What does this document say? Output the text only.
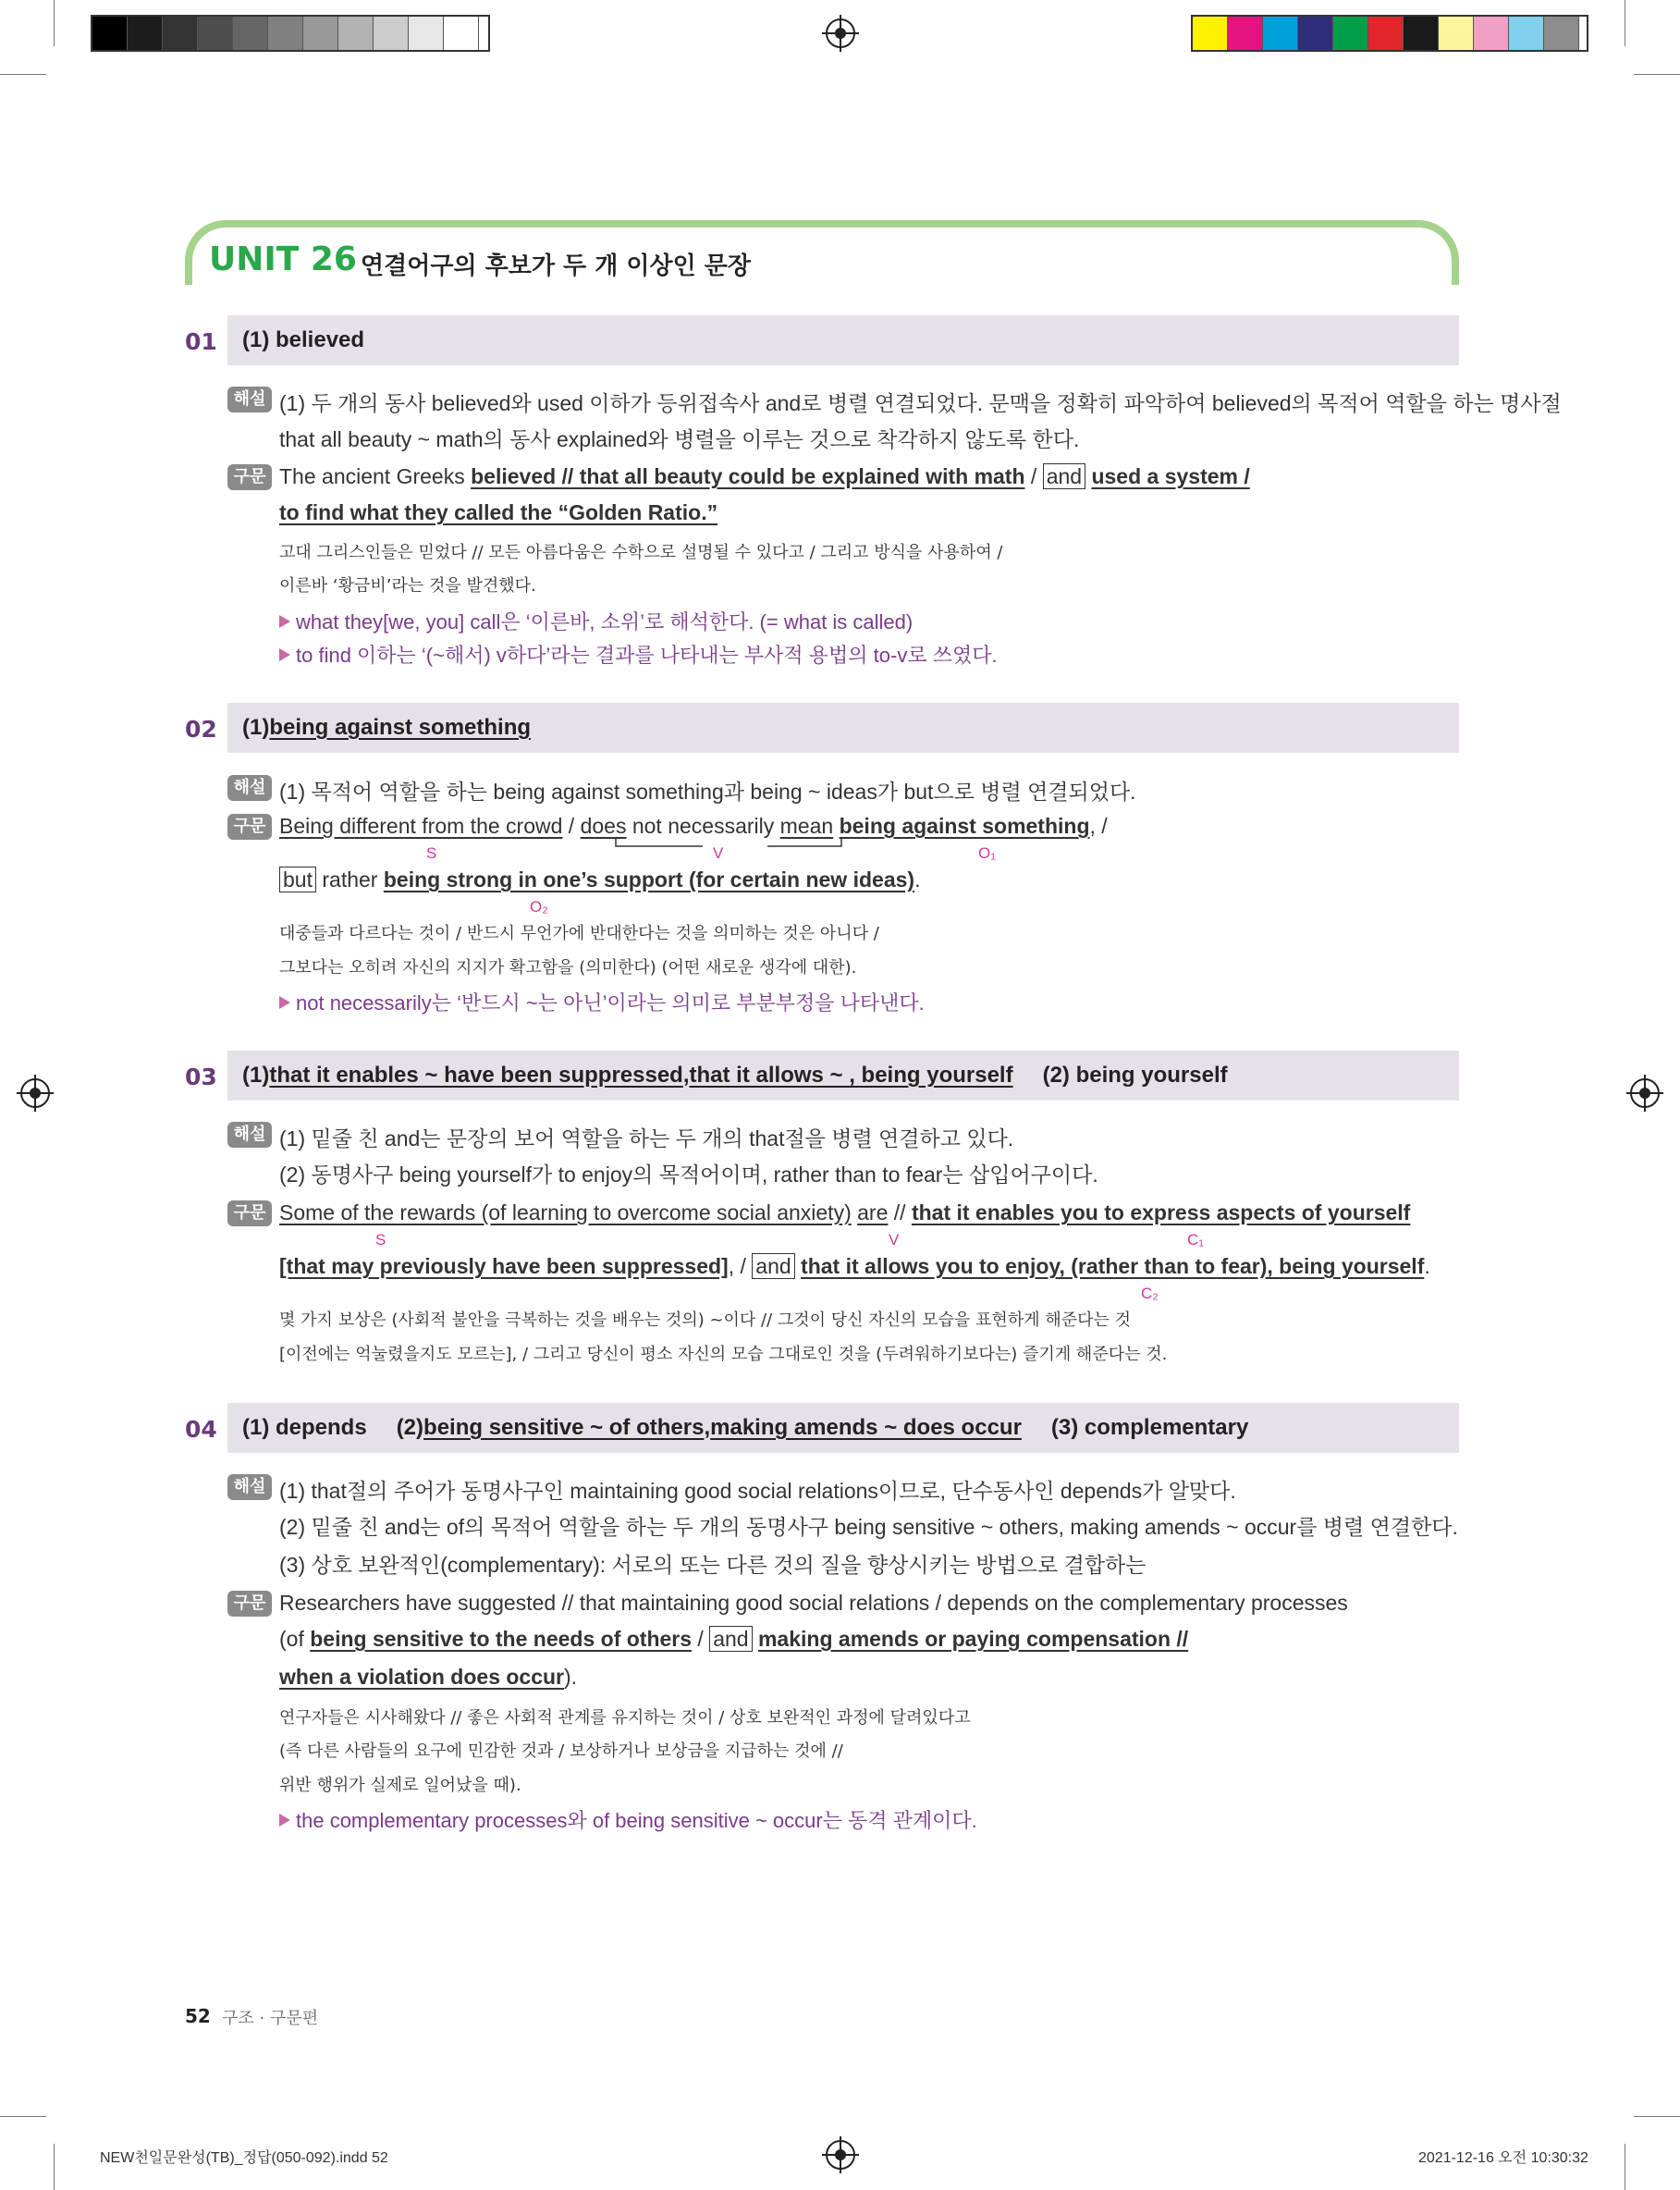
UNIT 26 연결어구의 후보가 두 개 이상인 문장
01 (1) believed
해설 (1) 두 개의 동사 believed와 used 이하가 등위접속사 and로 병렬 연결되었다. 문맥을 정확히 파악하여 believed의 목적어 역할을 하는 명사절
that all beauty ~ math의 동사 explained와 병렬을 이루는 것으로 착각하지 않도록 한다.
구문 The ancient Greeks believed // that all beauty could be explained with math / and used a system /
to find what they called the “Golden Ratio.”
고대 그리스인들은 믿었다 // 모든 아름다움은 수학으로 설명될 수 있다고 / 그리고 방식을 사용하여 /
이른바 ‘황금비’라는 것을 발견했다.
what they[we, you] call은 ‘이른바, 소위’로 해석한다. (= what is called)
to find 이하는 ‘(~해서) v하다’라는 결과를 나타내는 부사적 용법의 to-v로 쓰였다.
02 (1) being against something
해설 (1) 목적어 역할을 하는 being against something과 being ~ ideas가 but으로 병렬 연결되었다.
구문 Being different from the crowd / does not necessarily mean being against something, /
S	V	O₁
but rather being strong in one’s support (for certain new ideas).
O₂
대중들과 다르다는 것이 / 반드시 무언가에 반대한다는 것을 의미하는 것은 아니다 /
그보다는 오히려 자신의 지지가 확고함을 (의미한다) (어떤 새로운 생각에 대한).
not necessarily는 ‘반드시 ~는 아닌’이라는 의미로 부분부정을 나타낸다.
03 (1) that it enables ~ have been suppressed , that it allows ~ , being yourself (2) being yourself
해설 (1) 밑줄 친 and는 문장의 보어 역할을 하는 두 개의 that절을 병렬 연결하고 있다.
(2) 동명사구 being yourself가 to enjoy의 목적어이며, rather than to fear는 삽입어구이다.
구문 Some of the rewards (of learning to overcome social anxiety) are // that it enables you to express aspects of yourself
S	V	C₁
[that may previously have been suppressed], / and that it allows you to enjoy, (rather than to fear), being yourself.
C₂
몇 가지 보상은 (사회적 불안을 극복하는 것을 배우는 것의) ~이다 // 그것이 당신 자신의 모습을 표현하게 해준다는 것
[이전에는 억눌렸을지도 모르는], / 그리고 당신이 평소 자신의 모습 그대로인 것을 (두려워하기보다는) 즐기게 해준다는 것.
04 (1) depends (2) being sensitive ~ of others , making amends ~ does occur (3) complementary
해설 (1) that절의 주어가 동명사구인 maintaining good social relations이므로, 단수동사인 depends가 알맞다.
(2) 밑줄 친 and는 of의 목적어 역할을 하는 두 개의 동명사구 being sensitive ~ others, making amends ~ occur를 병렬 연결한다.
(3) 상호 보완적인(complementary): 서로의 또는 다른 것의 질을 향상시키는 방법으로 결합하는
구문 Researchers have suggested // that maintaining good social relations / depends on the complementary processes
(of being sensitive to the needs of others / and making amends or paying compensation //
when a violation does occur).
연구자들은 시사해왔다 // 좋은 사회적 관계를 유지하는 것이 / 상호 보완적인 과정에 달려있다고
(즉 다른 사람들의 요구에 민감한 것과 / 보상하거나 보상금을 지급하는 것에 //
위반 행위가 실제로 일어났을 때).
the complementary processes와 of being sensitive ~ occur는 동격 관계이다.
52 구조 · 구문편
NEW천일문완성(TB)_정답(050-092).indd 52	2021-12-16 오전 10:30:32
